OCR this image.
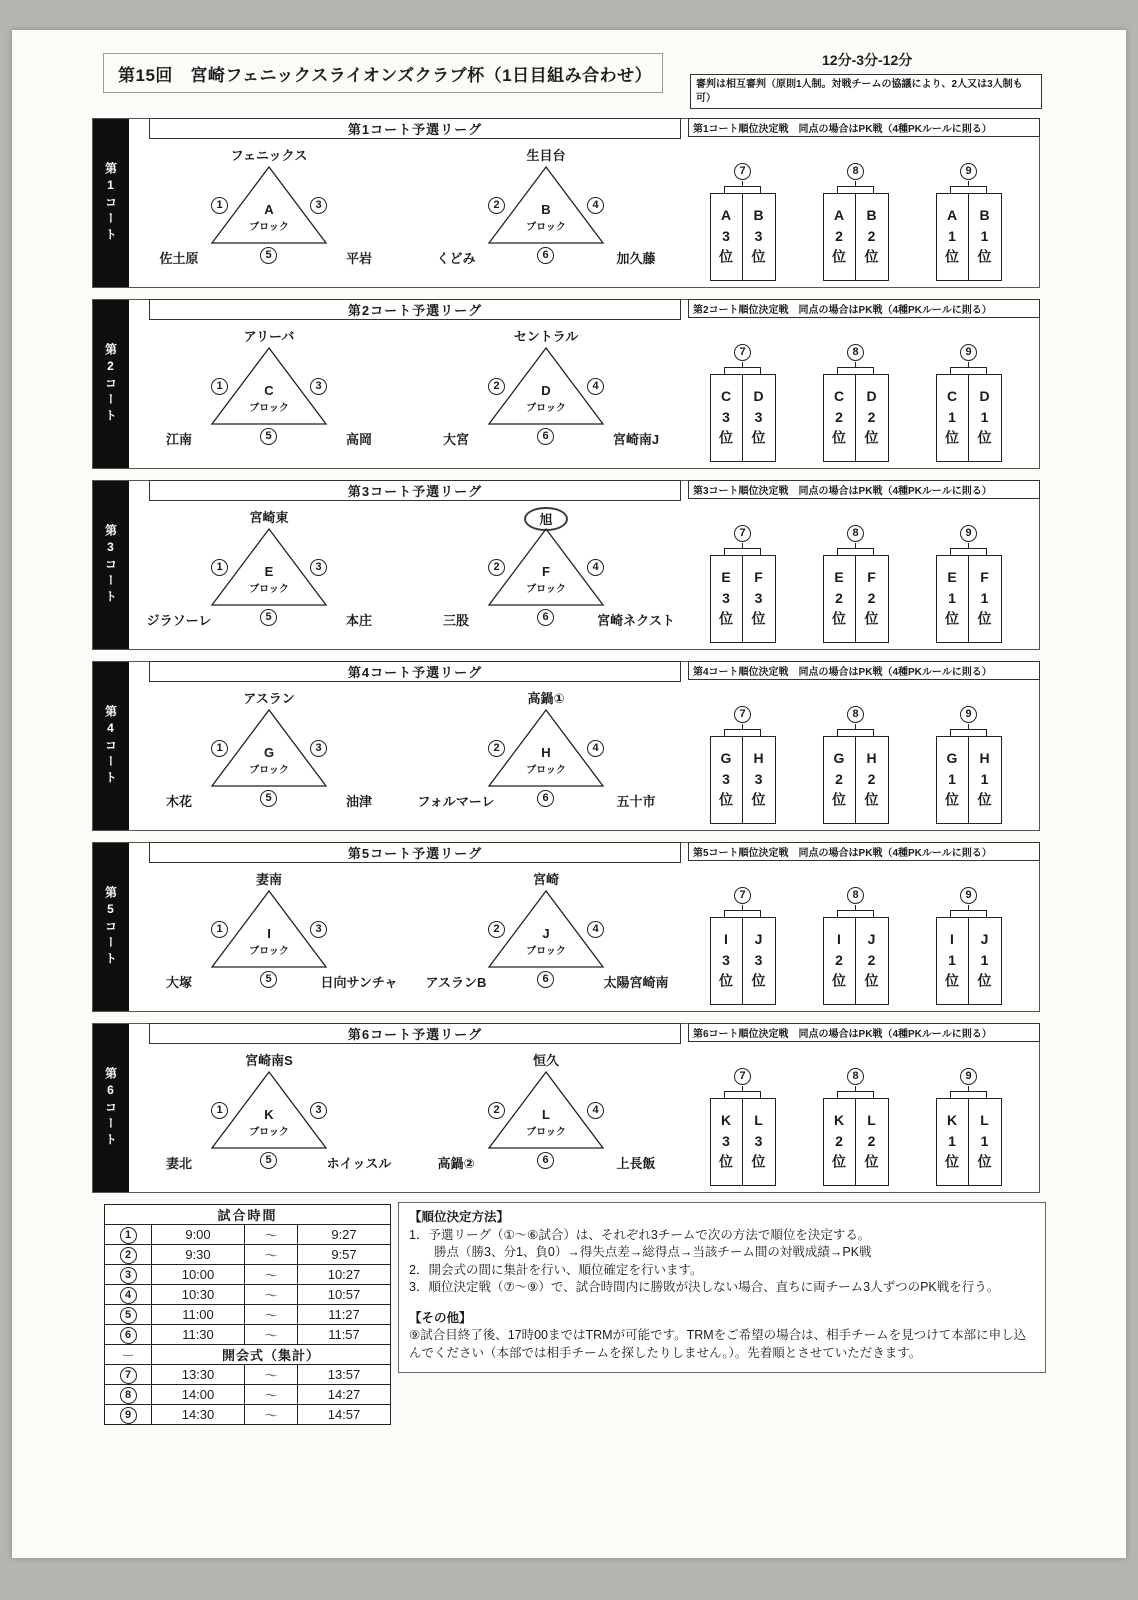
第15回　宮崎フェニックスライオンズクラブ杯（1日目組み合わせ）
12分-3分-12分
審判は相互審判（原則1人制。対戦チームの協議により、2人又は3人制も可）
第1コート
第1コート予選リーグ	第1コート順位決定戦　同点の場合はPK戦（4種PKルールに則る）
フェニックス
A
ブロック
1	3
5
佐土原	平岩
生目台
B
ブロック
2	4
6
くどみ	加久藤
7
A3位	B3位
8
A2位	B2位
9
A1位	B1位
第2コート
第2コート予選リーグ	第2コート順位決定戦　同点の場合はPK戦（4種PKルールに則る）
アリーバ
C
ブロック
1	3
5
江南	高岡
セントラル
D
ブロック
2	4
6
大宮	宮崎南J
7
C3位	D3位
8
C2位	D2位
9
C1位	D1位
第3コート
第3コート予選リーグ	第3コート順位決定戦　同点の場合はPK戦（4種PKルールに則る）
宮崎東
E
ブロック
1	3
5
ジラソーレ	本庄
旭
F
ブロック
2	4
6
三股	宮崎ネクスト
7
E3位	F3位
8
E2位	F2位
9
E1位	F1位
第4コート
第4コート予選リーグ	第4コート順位決定戦　同点の場合はPK戦（4種PKルールに則る）
アスラン
G
ブロック
1	3
5
木花	油津
高鍋①
H
ブロック
2	4
6
フォルマーレ	五十市
7
G3位	H3位
8
G2位	H2位
9
G1位	H1位
第5コート
第5コート予選リーグ	第5コート順位決定戦　同点の場合はPK戦（4種PKルールに則る）
妻南
I
ブロック
1	3
5
大塚	日向サンチャ
宮崎
J
ブロック
2	4
6
アスランB	太陽宮崎南
7
I3位	J3位
8
I2位	J2位
9
I1位	J1位
第6コート
第6コート予選リーグ	第6コート順位決定戦　同点の場合はPK戦（4種PKルールに則る）
宮崎南S
K
ブロック
1	3
5
妻北	ホイッスル
恒久
L
ブロック
2	4
6
高鍋②	上長飯
7
K3位	L3位
8
K2位	L2位
9
K1位	L1位
試合時間			
1	9:00	～	9:27
2	9:30	～	9:57
3	10:00	～	10:27
4	10:30	～	10:57
5	11:00	～	11:27
6	11:30	～	11:57
－	開会式（集計）		
7	13:30	～	13:57
8	14:00	～	14:27
9	14:30	～	14:57
【順位決定方法】
1．予選リーグ（①～⑥試合）は、それぞれ3チームで次の方法で順位を決定する。
　　勝点（勝3、分1、負0）→得失点差→総得点→当該チーム間の対戦成績→PK戦
2．開会式の間に集計を行い、順位確定を行います。
3．順位決定戦（⑦～⑨）で、試合時間内に勝敗が決しない場合、直ちに両チーム3人ずつのPK戦を行う。
【その他】
⑨試合目終了後、17時00まではTRMが可能です。TRMをご希望の場合は、相手チームを見つけて本部に申し込んでください（本部では相手チームを探したりしません。）。先着順とさせていただきます。
